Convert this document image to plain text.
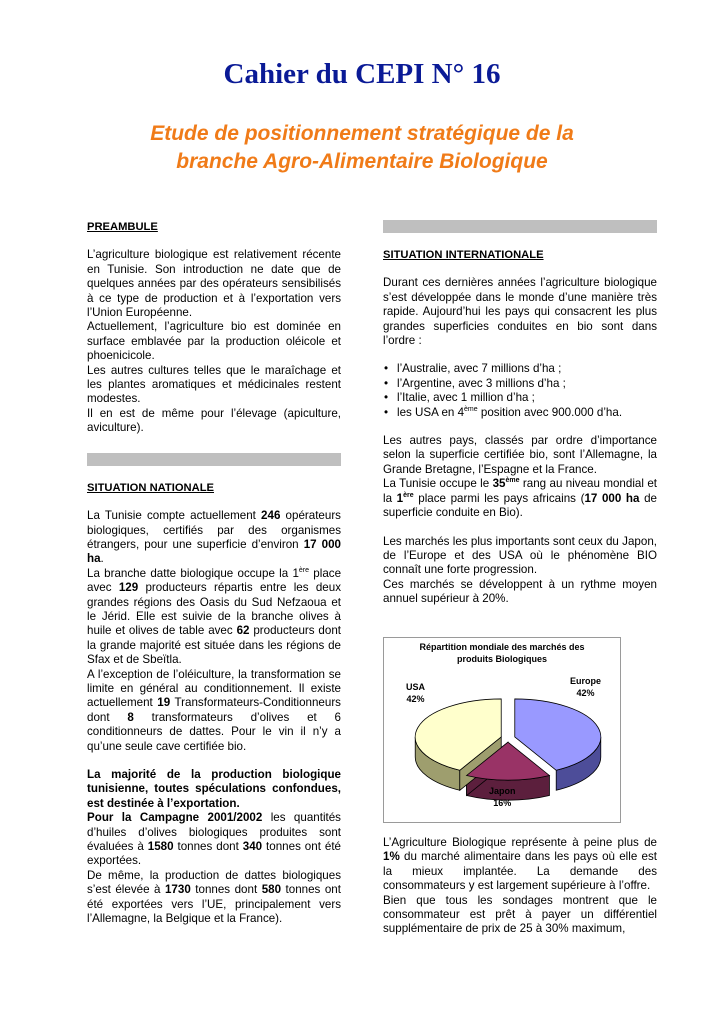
Cahier du CEPI N° 16
Etude de positionnement stratégique de la
branche Agro-Alimentaire Biologique

PREAMBULE

L’agriculture biologique est relativement récente en Tunisie. Son introduction ne date que de quelques années par des opérateurs sensibilisés à ce type de production et à l’exportation vers l’Union Européenne.

Actuellement, l’agriculture bio est dominée en surface emblavée par la production oléicole et phoenicicole.

Les autres cultures telles que le maraîchage et les plantes aromatiques et médicinales restent modestes.

Il en est de même pour l’élevage (apiculture, aviculture).

SITUATION NATIONALE

La Tunisie compte actuellement 246 opérateurs biologiques, certifiés par des organismes étrangers, pour une superficie d’environ 17 000 ha.

La branche datte biologique occupe la 1ère place avec 129 producteurs répartis entre les deux grandes régions des Oasis du Sud Nefzaoua et le Jérid. Elle est suivie de la branche olives à huile et olives de table avec 62 producteurs dont la grande majorité est située dans les régions de Sfax et de Sbeïtla.

A l’exception de l’oléiculture, la transformation se limite en général au conditionnement. Il existe actuellement 19 Transformateurs-Conditionneurs dont 8 transformateurs d’olives et 6 conditionneurs de dattes. Pour le vin il n’y a qu’une seule cave certifiée bio.

La majorité de la production biologique tunisienne, toutes spéculations confondues, est destinée à l’exportation.

Pour la Campagne 2001/2002 les quantités d’huiles d’olives biologiques produites sont évaluées à 1580 tonnes dont 340 tonnes ont été exportées.

De même, la production de dattes biologiques s’est élevée à 1730 tonnes dont 580 tonnes ont été exportées vers l’UE, principalement vers l’Allemagne, la Belgique et la France).

SITUATION INTERNATIONALE

Durant ces dernières années l’agriculture biologique s’est développée dans le monde d’une manière très rapide. Aujourd’hui les pays qui consacrent les plus grandes superficies conduites en bio sont dans l’ordre :

• l’Australie, avec 7 millions d’ha ;
• l’Argentine, avec 3 millions d’ha ;
• l’Italie, avec 1 million d’ha ;
• les USA en 4ème position avec 900.000 d’ha.

Les autres pays, classés par ordre d’importance selon la superficie certifiée bio, sont l’Allemagne, la Grande Bretagne, l’Espagne et la France.

La Tunisie occupe le 35ème rang au niveau mondial et la 1ère place parmi les pays africains (17 000 ha de superficie conduite en Bio).

Les marchés les plus importants sont ceux du Japon, de l’Europe et des USA où le phénomène BIO connaît une forte progression.

Ces marchés se développent à un rythme moyen annuel supérieur à 20%.

Répartition mondiale des marchés des produits Biologiques
USA
42%
Europe
42%
Japon
16%

L’Agriculture Biologique représente à peine plus de 1% du marché alimentaire dans les pays où elle est la mieux implantée. La demande des consommateurs y est largement supérieure à l’offre.

Bien que tous les sondages montrent que le consommateur est prêt à payer un différentiel supplémentaire de prix de 25 à 30% maximum,
